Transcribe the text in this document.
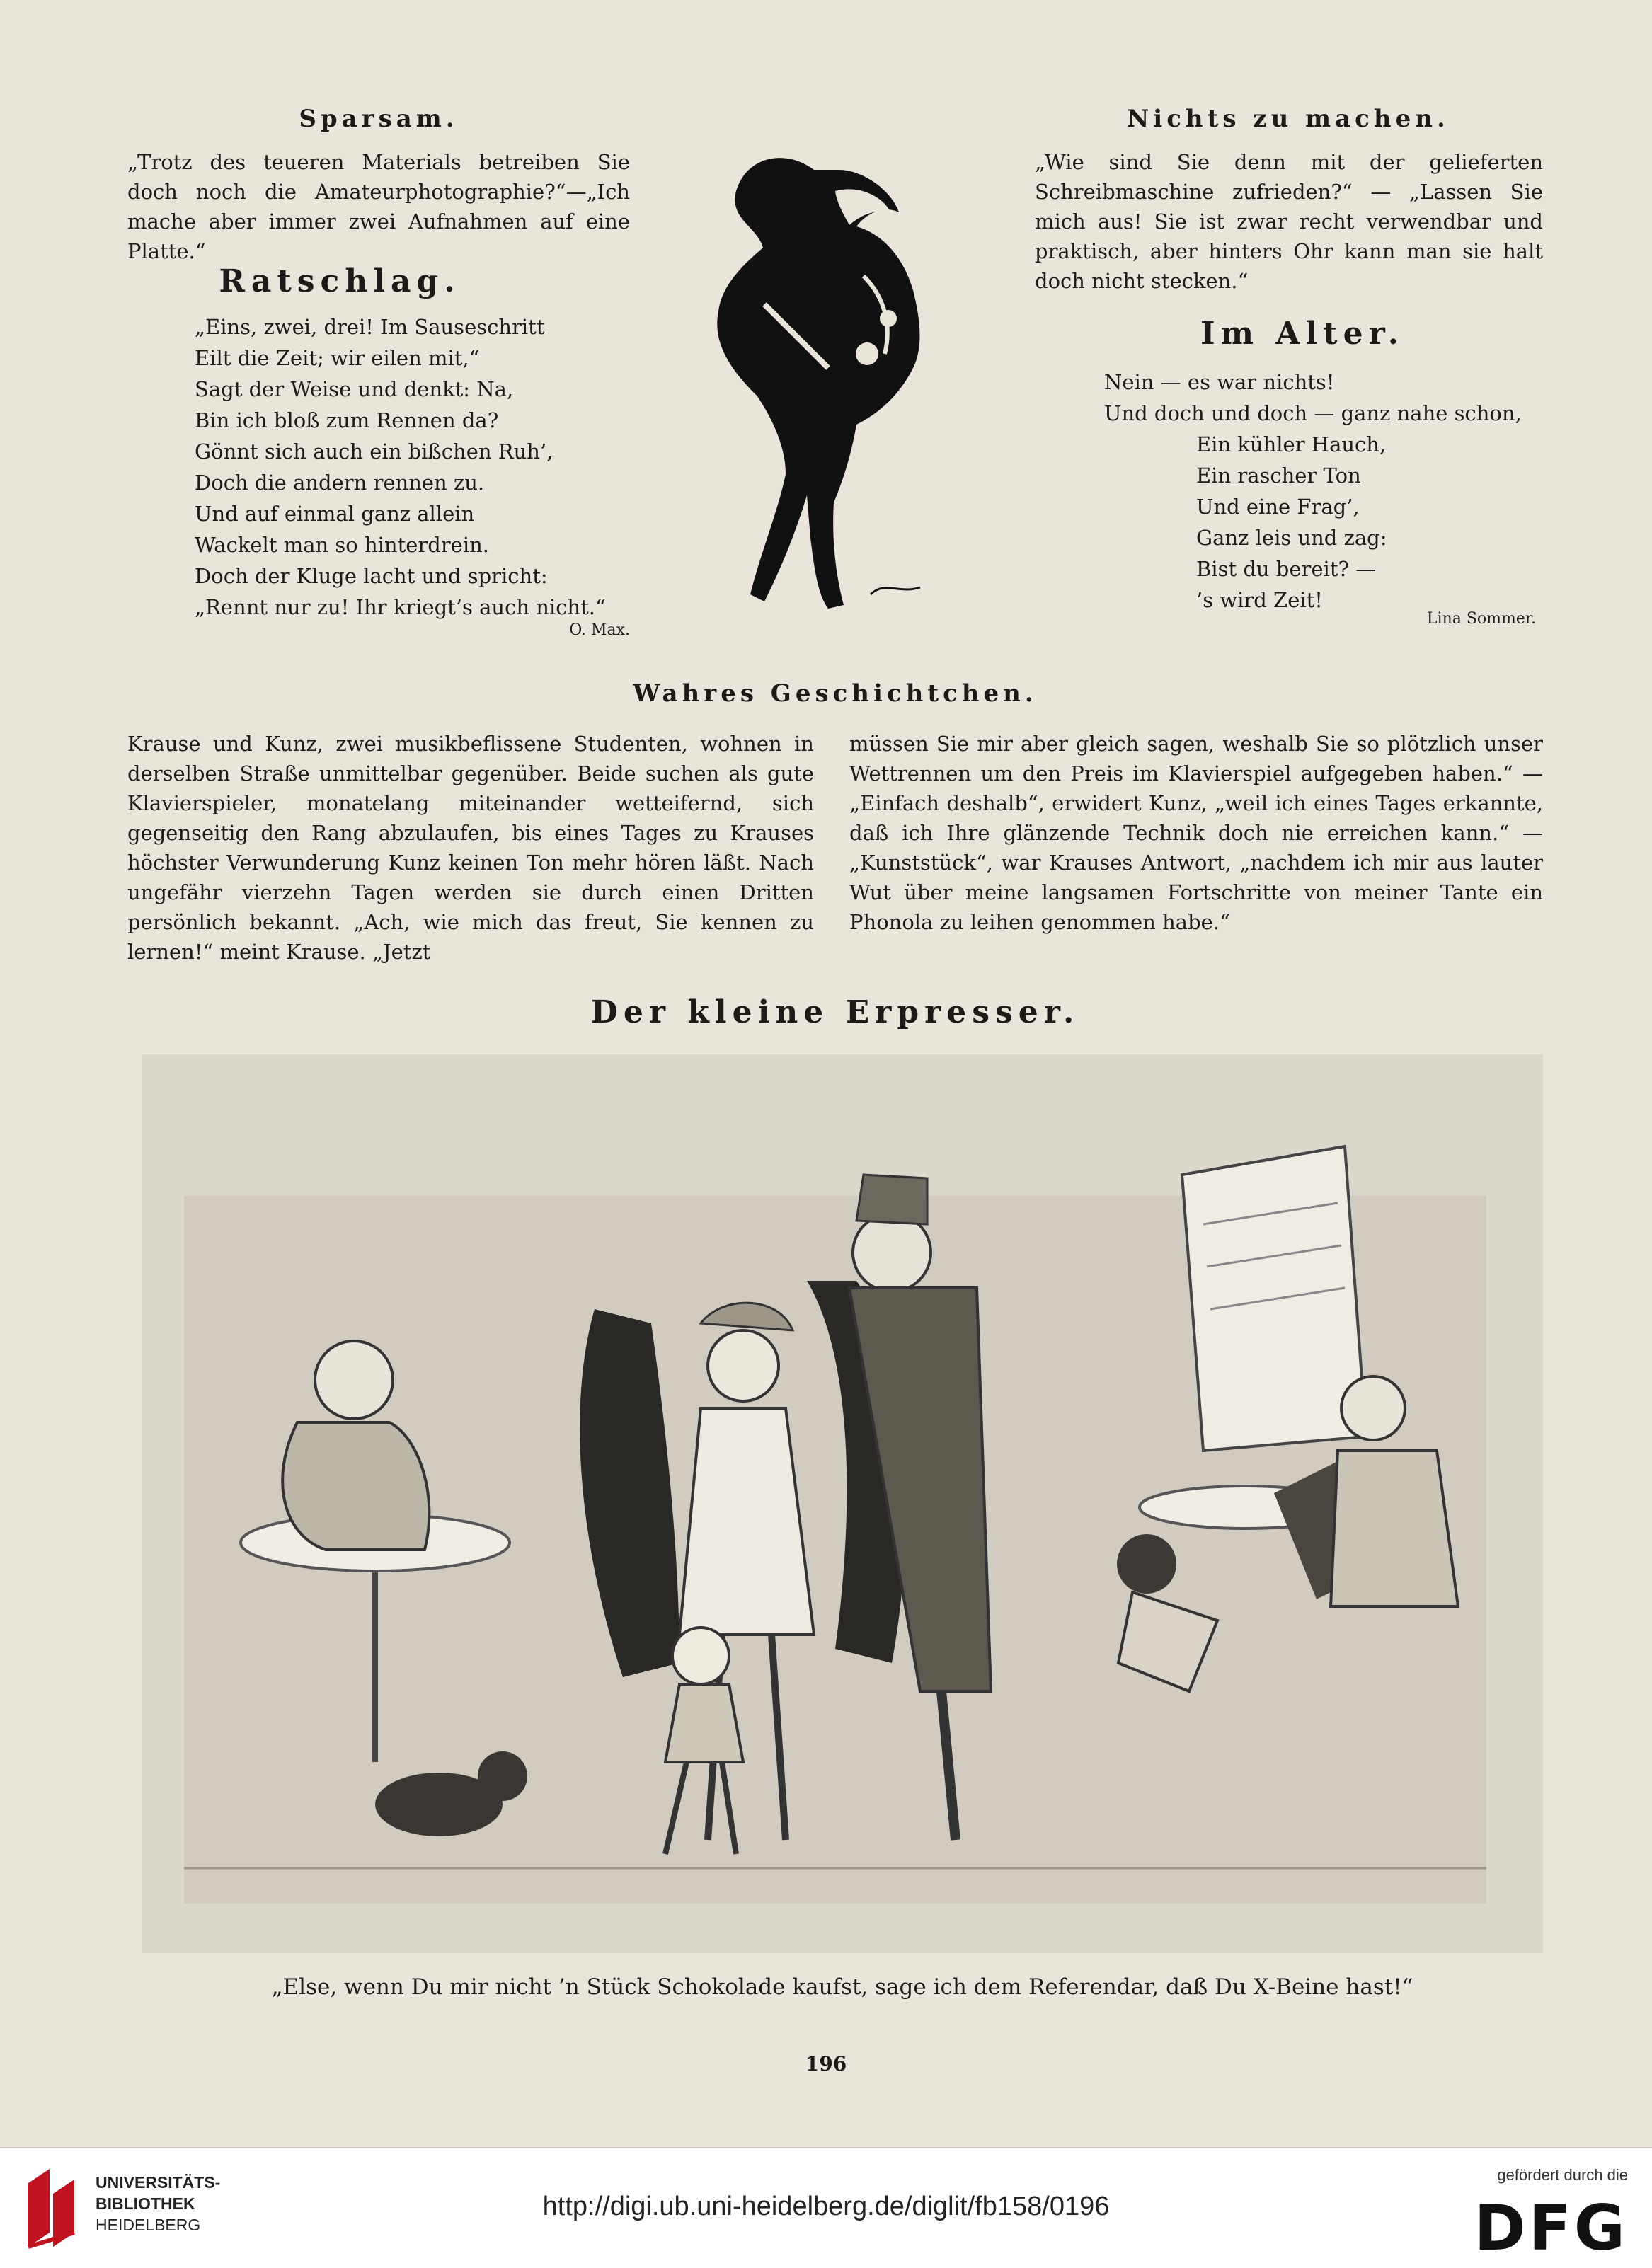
Sparsam.

„Trotz des teueren Materials betreiben Sie doch noch die Amateurphotographie?“—„Ich mache aber immer zwei Aufnahmen auf eine Platte.“

Ratschlag.
„Eins, zwei, drei! Im Sauseschritt
Eilt die Zeit; wir eilen mit,“
Sagt der Weise und denkt: Na,
Bin ich bloß zum Rennen da?
Gönnt sich auch ein bißchen Ruh’,
Doch die andern rennen zu.
Und auf einmal ganz allein
Wackelt man so hinterdrein.
Doch der Kluge lacht und spricht:
„Rennt nur zu! Ihr kriegt’s auch nicht.“
O. Max.
Nichts zu machen.

„Wie sind Sie denn mit der gelieferten Schreibmaschine zufrieden?“ — „Lassen Sie mich aus! Sie ist zwar recht verwendbar und praktisch, aber hinters Ohr kann man sie halt doch nicht stecken.“

Im Alter.
Nein — es war nichts!
Und doch und doch — ganz nahe schon,
Ein kühler Hauch,
Ein rascher Ton
Und eine Frag’,
Ganz leis und zag:
Bist du bereit? —
’s wird Zeit!
Lina Sommer.
Wahres Geschichtchen.

Krause und Kunz, zwei musikbeflissene Studenten, wohnen in derselben Straße unmittelbar gegenüber. Beide suchen als gute Klavierspieler, monatelang miteinander wetteifernd, sich gegenseitig den Rang abzulaufen, bis eines Tages zu Krauses höchster Verwunderung Kunz keinen Ton mehr hören läßt. Nach ungefähr vierzehn Tagen werden sie durch einen Dritten persönlich bekannt. „Ach, wie mich das freut, Sie kennen zu lernen!“ meint Krause. „Jetzt

müssen Sie mir aber gleich sagen, weshalb Sie so plötzlich unser Wettrennen um den Preis im Klavierspiel aufgegeben haben.“ — „Einfach deshalb“, erwidert Kunz, „weil ich eines Tages erkannte, daß ich Ihre glänzende Technik doch nie erreichen kann.“ — „Kunststück“, war Krauses Antwort, „nachdem ich mir aus lauter Wut über meine langsamen Fortschritte von meiner Tante ein Phonola zu leihen genommen habe.“

Der kleine Erpresser.
„Else, wenn Du mir nicht ’n Stück Schokolade kaufst, sage ich dem Referendar, daß Du X-Beine hast!“
196
UNIVERSITÄTS-
BIBLIOTHEK
HEIDELBERG
http://digi.ub.uni-heidelberg.de/diglit/fb158/0196
gefördert durch die
DFG
